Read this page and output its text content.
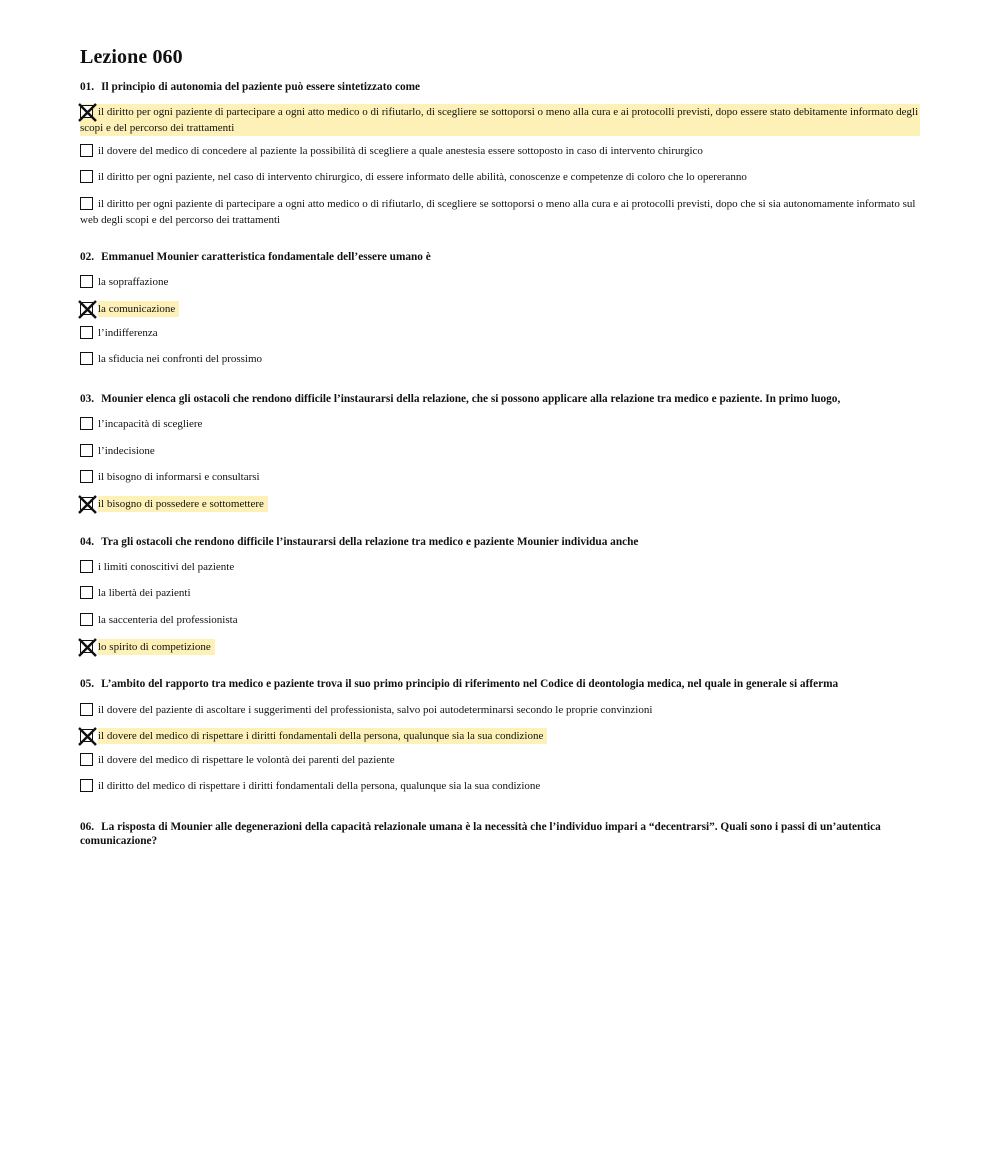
Lezione 060

01. Il principio di autonomia del paziente può essere sintetizzato come

il diritto per ogni paziente di partecipare a ogni atto medico o di rifiutarlo, di scegliere se sottoporsi o meno alla cura e ai protocolli previsti, dopo essere stato debitamente informato degli scopi e del percorso dei trattamenti
il dovere del medico di concedere al paziente la possibilità di scegliere a quale anestesia essere sottoposto in caso di intervento chirurgico
il diritto per ogni paziente, nel caso di intervento chirurgico, di essere informato delle abilità, conoscenze e competenze di coloro che lo opereranno
il diritto per ogni paziente di partecipare a ogni atto medico o di rifiutarlo, di scegliere se sottoporsi o meno alla cura e ai protocolli previsti, dopo che si sia autonomamente informato sul web degli scopi e del percorso dei trattamenti

02. Emmanuel Mounier caratteristica fondamentale dell’essere umano è

la sopraffazione
la comunicazione
l’indifferenza
la sfiducia nei confronti del prossimo

03. Mounier elenca gli ostacoli che rendono difficile l’instaurarsi della relazione, che si possono applicare alla relazione tra medico e paziente. In primo luogo,

l’incapacità di scegliere
l’indecisione
il bisogno di informarsi e consultarsi
il bisogno di possedere e sottomettere

04. Tra gli ostacoli che rendono difficile l’instaurarsi della relazione tra medico e paziente Mounier individua anche

i limiti conoscitivi del paziente
la libertà dei pazienti
la saccenteria del professionista
lo spirito di competizione

05. L’ambito del rapporto tra medico e paziente trova il suo primo principio di riferimento nel Codice di deontologia medica, nel quale in generale si afferma

il dovere del paziente di ascoltare i suggerimenti del professionista, salvo poi autodeterminarsi secondo le proprie convinzioni
il dovere del medico di rispettare i diritti fondamentali della persona, qualunque sia la sua condizione
il dovere del medico di rispettare le volontà dei parenti del paziente
il diritto del medico di rispettare i diritti fondamentali della persona, qualunque sia la sua condizione

06. La risposta di Mounier alle degenerazioni della capacità relazionale umana è la necessità che l’individuo impari a “decentrarsi”. Quali sono i passi di un’autentica comunicazione?
